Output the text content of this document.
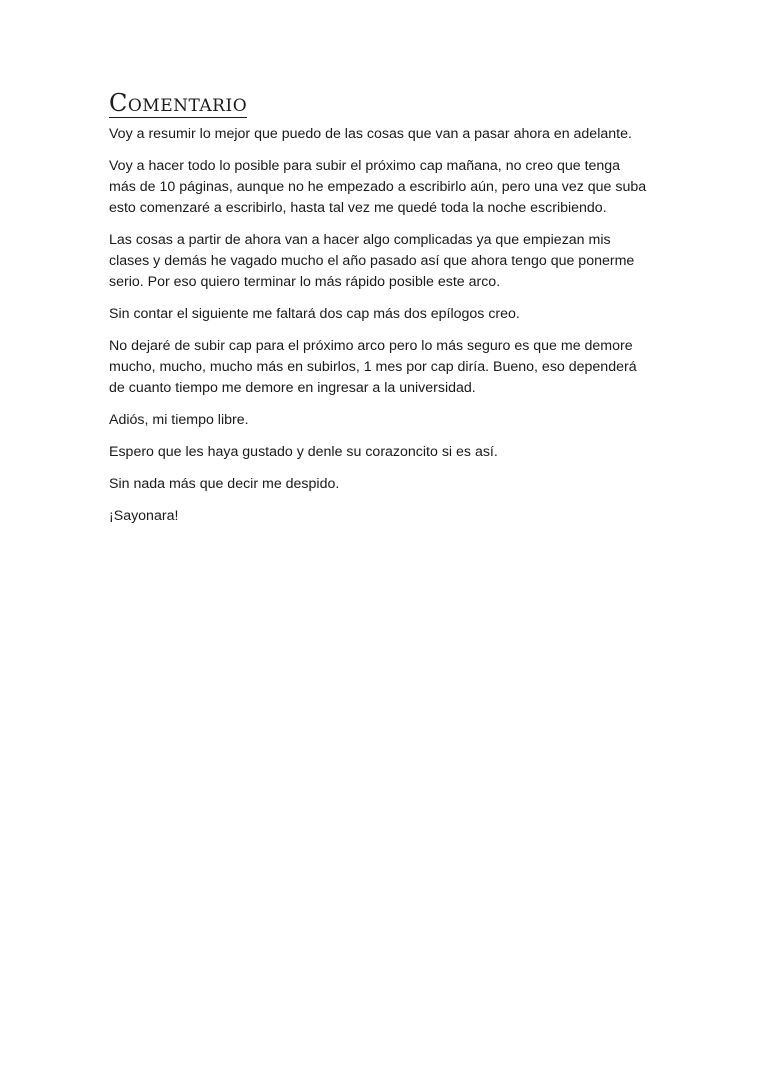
Comentario

Voy a resumir lo mejor que puedo de las cosas que van a pasar ahora en adelante.

Voy a hacer todo lo posible para subir el próximo cap mañana, no creo que tenga más de 10 páginas, aunque no he empezado a escribirlo aún, pero una vez que suba esto comenzaré a escribirlo, hasta tal vez me quedé toda la noche escribiendo.

Las cosas a partir de ahora van a hacer algo complicadas ya que empiezan mis clases y demás he vagado mucho el año pasado así que ahora tengo que ponerme serio. Por eso quiero terminar lo más rápido posible este arco.

Sin contar el siguiente me faltará dos cap más dos epílogos creo.

No dejaré de subir cap para el próximo arco pero lo más seguro es que me demore mucho, mucho, mucho más en subirlos, 1 mes por cap diría. Bueno, eso dependerá de cuanto tiempo me demore en ingresar a la universidad.

Adiós, mi tiempo libre.

Espero que les haya gustado y denle su corazoncito si es así.

Sin nada más que decir me despido.

¡Sayonara!
